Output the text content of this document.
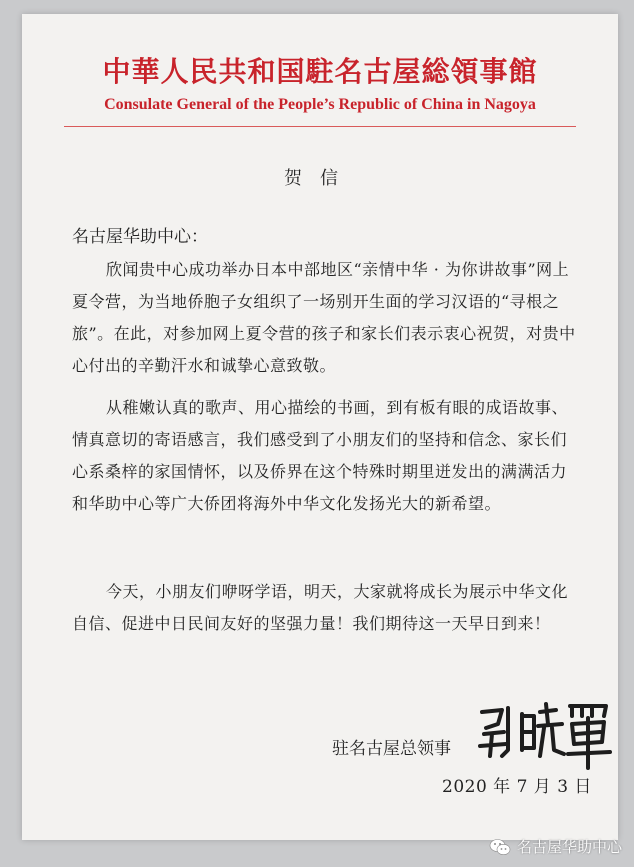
中華人民共和国駐名古屋総領事館
Consulate General of the People’s Republic of China in Nagoya
贺信
名古屋华助中心：
欣闻贵中心成功举办日本中部地区“亲情中华 · 为你讲故事”网上夏令营，为当地侨胞子女组织了一场别开生面的学习汉语的“寻根之旅”。在此，对参加网上夏令营的孩子和家长们表示衷心祝贺，对贵中心付出的辛勤汗水和诚挚心意致敬。
从稚嫩认真的歌声、用心描绘的书画，到有板有眼的成语故事、情真意切的寄语感言，我们感受到了小朋友们的坚持和信念、家长们心系桑梓的家国情怀，以及侨界在这个特殊时期里迸发出的满满活力和华助中心等广大侨团将海外中华文化发扬光大的新希望。
今天，小朋友们咿呀学语，明天，大家就将成长为展示中华文化自信、促进中日民间友好的坚强力量！我们期待这一天早日到来！
驻名古屋总领事
2020 年 7 月 3 日
名古屋华助中心
